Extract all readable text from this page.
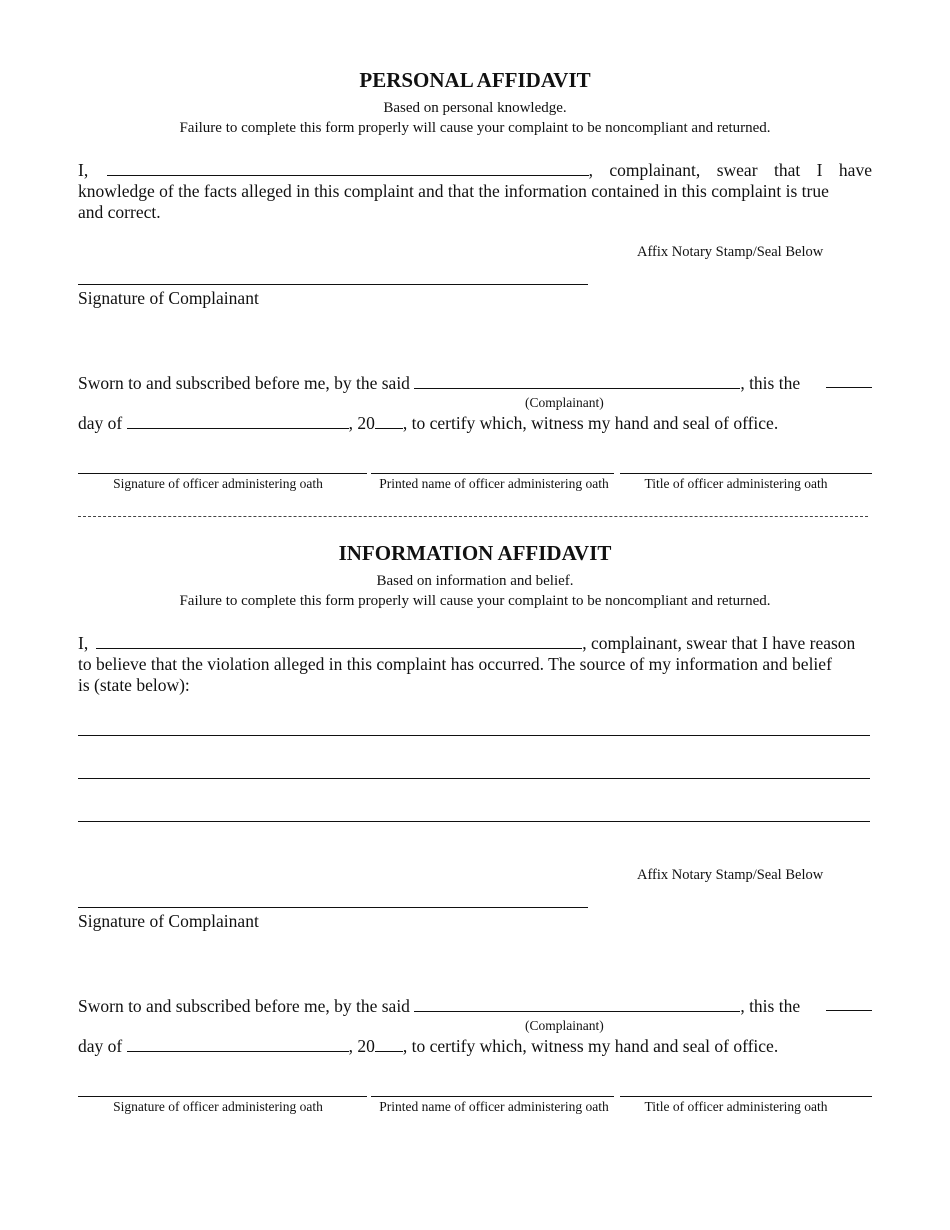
PERSONAL AFFIDAVIT
Based on personal knowledge.
Failure to complete this form properly will cause your complaint to be noncompliant and returned.
I,	, complainant, swear that I have
knowledge of the facts alleged in this complaint and that the information contained in this complaint is true
and correct.
Affix Notary Stamp/Seal Below
Signature of Complainant
Sworn to and subscribed before me, by the said	, this the
(Complainant)
day of	, 20 , to certify which, witness my hand and seal of office.
Signature of officer administering oath	Printed name of officer administering oath	Title of officer administering oath
INFORMATION AFFIDAVIT
Based on information and belief.
Failure to complete this form properly will cause your complaint to be noncompliant and returned.
I,	, complainant, swear that I have reason
to believe that the violation alleged in this complaint has occurred. The source of my information and belief
is (state below):
Affix Notary Stamp/Seal Below
Signature of Complainant
Sworn to and subscribed before me, by the said	, this the
(Complainant)
day of	, 20 , to certify which, witness my hand and seal of office.
Signature of officer administering oath	Printed name of officer administering oath	Title of officer administering oath
